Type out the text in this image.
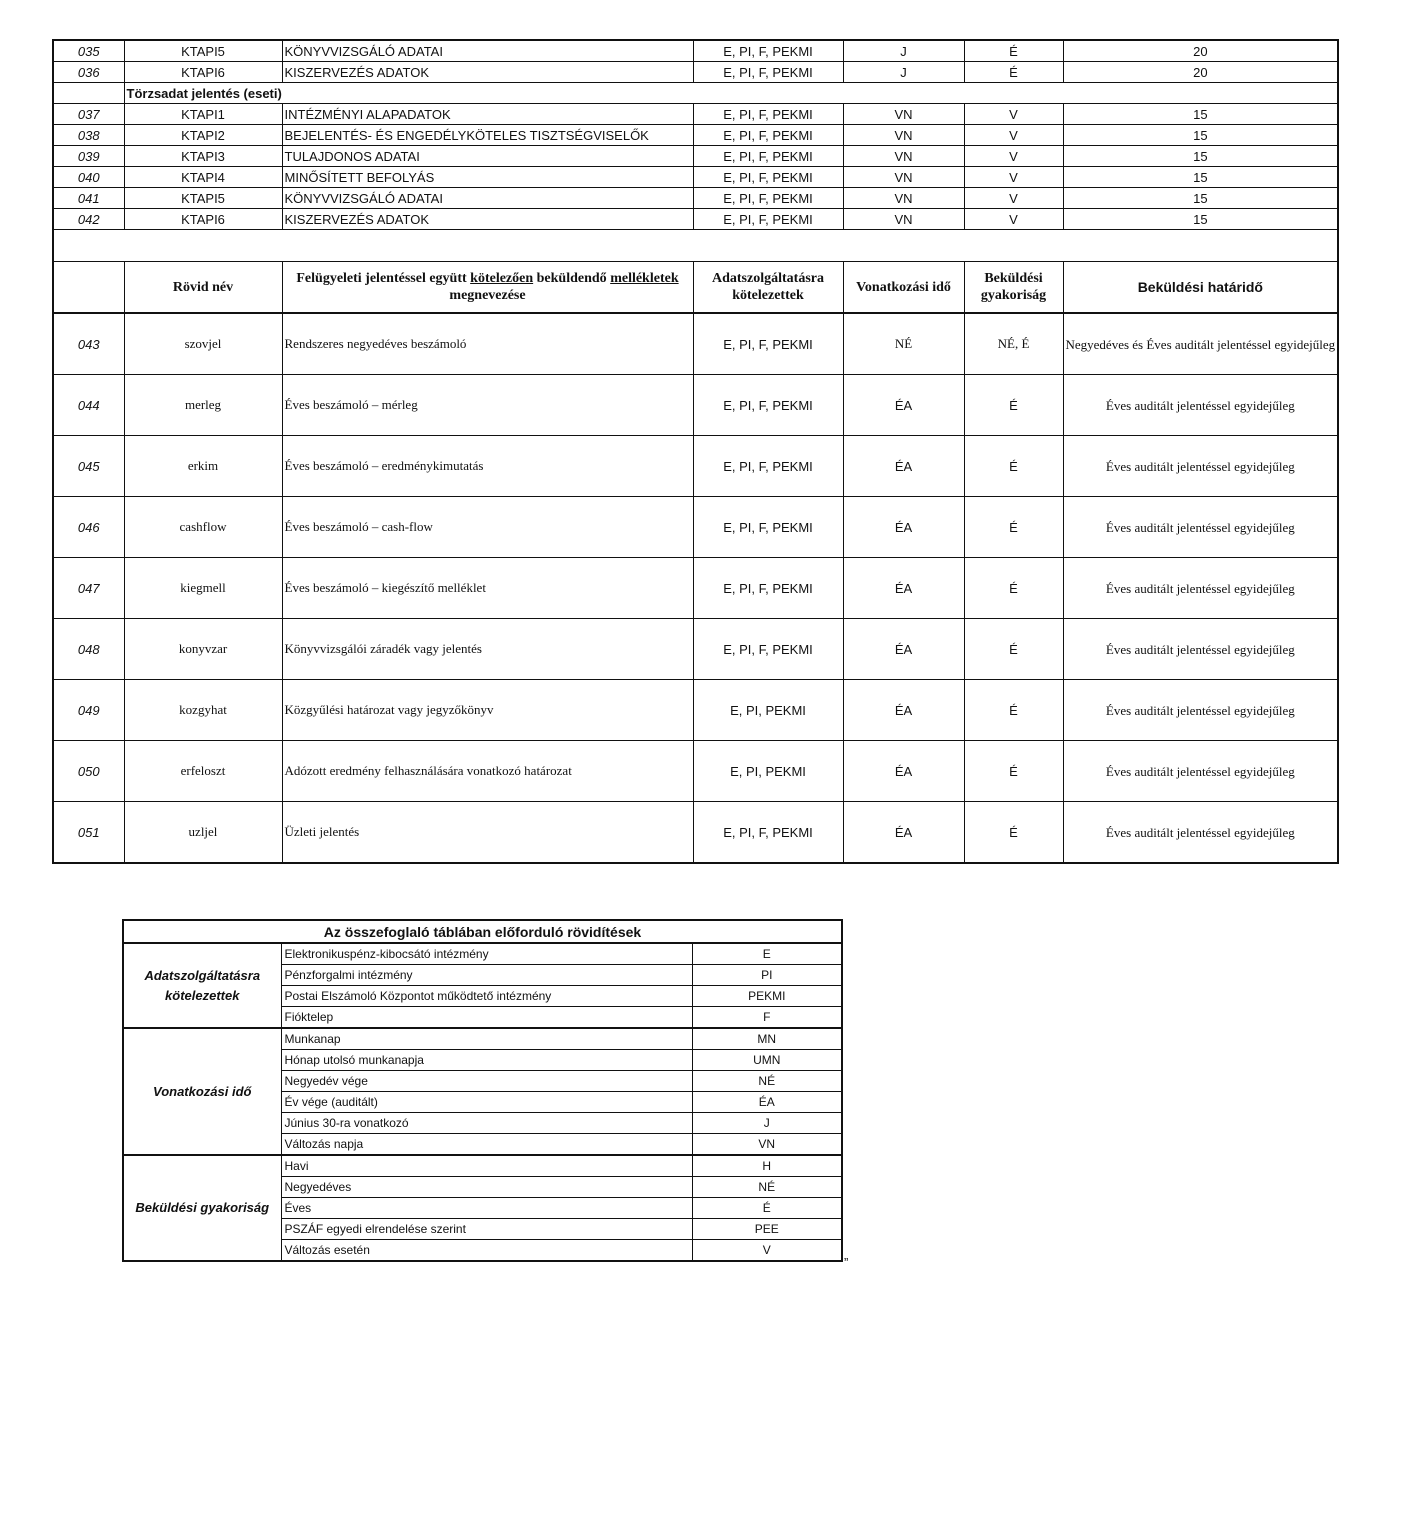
035	KTAPI5	KÖNYVVIZSGÁLÓ ADATAI	E, PI, F, PEKMI	J	É	20
036	KTAPI6	KISZERVEZÉS ADATOK	E, PI, F, PEKMI	J	É	20
	Törzsadat jelentés (eseti)					
037	KTAPI1	INTÉZMÉNYI ALAPADATOK	E, PI, F, PEKMI	VN	V	15
038	KTAPI2	BEJELENTÉS- ÉS ENGEDÉLYKÖTELES TISZTSÉGVISELŐK	E, PI, F, PEKMI	VN	V	15
039	KTAPI3	TULAJDONOS ADATAI	E, PI, F, PEKMI	VN	V	15
040	KTAPI4	MINŐSÍTETT BEFOLYÁS	E, PI, F, PEKMI	VN	V	15
041	KTAPI5	KÖNYVVIZSGÁLÓ ADATAI	E, PI, F, PEKMI	VN	V	15
042	KTAPI6	KISZERVEZÉS ADATOK	E, PI, F, PEKMI	VN	V	15

	Rövid név	Felügyeleti jelentéssel együtt kötelezően beküldendő mellékletek megnevezése	Adatszolgáltatásra kötelezettek	Vonatkozási idő	Beküldési gyakoriság	Beküldési határidő
043	szovjel	Rendszeres negyedéves beszámoló	E, PI, F, PEKMI	NÉ	NÉ, É	Negyedéves és Éves auditált jelentéssel egyidejűleg
044	merleg	Éves beszámoló – mérleg	E, PI, F, PEKMI	ÉA	É	Éves auditált jelentéssel egyidejűleg
045	erkim	Éves beszámoló – eredménykimutatás	E, PI, F, PEKMI	ÉA	É	Éves auditált jelentéssel egyidejűleg
046	cashflow	Éves beszámoló – cash-flow	E, PI, F, PEKMI	ÉA	É	Éves auditált jelentéssel egyidejűleg
047	kiegmell	Éves beszámoló – kiegészítő melléklet	E, PI, F, PEKMI	ÉA	É	Éves auditált jelentéssel egyidejűleg
048	konyvzar	Könyvvizsgálói záradék vagy jelentés	E, PI, F, PEKMI	ÉA	É	Éves auditált jelentéssel egyidejűleg
049	kozgyhat	Közgyűlési határozat vagy jegyzőkönyv	E, PI, PEKMI	ÉA	É	Éves auditált jelentéssel egyidejűleg
050	erfeloszt	Adózott eredmény felhasználására vonatkozó határozat	E, PI, PEKMI	ÉA	É	Éves auditált jelentéssel egyidejűleg
051	uzljel	Üzleti jelentés	E, PI, F, PEKMI	ÉA	É	Éves auditált jelentéssel egyidejűleg
Az összefoglaló táblában előforduló rövidítések		
Adatszolgáltatásra kötelezettek	Elektronikuspénz-kibocsátó intézmény	E
	Pénzforgalmi intézmény	PI
	Postai Elszámoló Központot működtető intézmény	PEKMI
	Fióktelep	F
Vonatkozási idő	Munkanap	MN
	Hónap utolsó munkanapja	UMN
	Negyedév vége	NÉ
	Év vége (auditált)	ÉA
	Június 30-ra vonatkozó	J
	Változás napja	VN
Beküldési gyakoriság	Havi	H
	Negyedéves	NÉ
	Éves	É
	PSZÁF egyedi elrendelése szerint	PEE
	Változás esetén	V
”
